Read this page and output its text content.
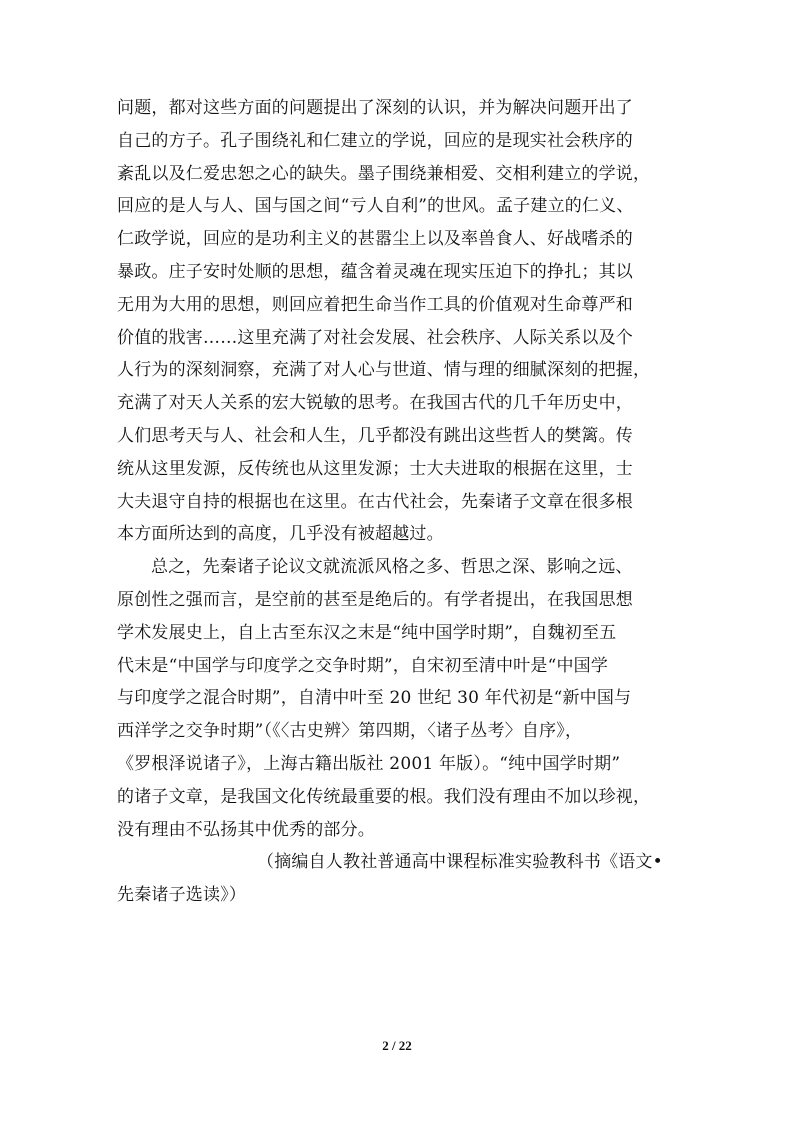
问题，都对这些方面的问题提出了深刻的认识，并为解决问题开出了
自己的方子。孔子围绕礼和仁建立的学说，回应的是现实社会秩序的
紊乱以及仁爱忠恕之心的缺失。墨子围绕兼相爱、交相利建立的学说，
回应的是人与人、国与国之间“亏人自利”的世风。孟子建立的仁义、
仁政学说，回应的是功利主义的甚嚣尘上以及率兽食人、好战嗜杀的
暴政。庄子安时处顺的思想，蕴含着灵魂在现实压迫下的挣扎；其以
无用为大用的思想，则回应着把生命当作工具的价值观对生命尊严和
价值的戕害……这里充满了对社会发展、社会秩序、人际关系以及个
人行为的深刻洞察，充满了对人心与世道、情与理的细腻深刻的把握，
充满了对天人关系的宏大锐敏的思考。在我国古代的几千年历史中，
人们思考天与人、社会和人生，几乎都没有跳出这些哲人的樊篱。传
统从这里发源，反传统也从这里发源；士大夫进取的根据在这里，士
大夫退守自持的根据也在这里。在古代社会，先秦诸子文章在很多根
本方面所达到的高度，几乎没有被超越过。
总之，先秦诸子论议文就流派风格之多、哲思之深、影响之远、
原创性之强而言，是空前的甚至是绝后的。有学者提出，在我国思想
学术发展史上，自上古至东汉之末是“纯中国学时期”，自魏初至五
代末是“中国学与印度学之交争时期”，自宋初至清中叶是“中国学
与印度学之混合时期”，自清中叶至 20 世纪 30 年代初是“新中国与
西洋学之交争时期”（《〈古史辨〉第四期，〈诸子丛考〉自序》，
《罗根泽说诸子》，上海古籍出版社 2001 年版）。“纯中国学时期”
的诸子文章，是我国文化传统最重要的根。我们没有理由不加以珍视，
没有理由不弘扬其中优秀的部分。
（摘编自人教社普通高中课程标准实验教科书《语文•
先秦诸子选读》）
2 / 22
